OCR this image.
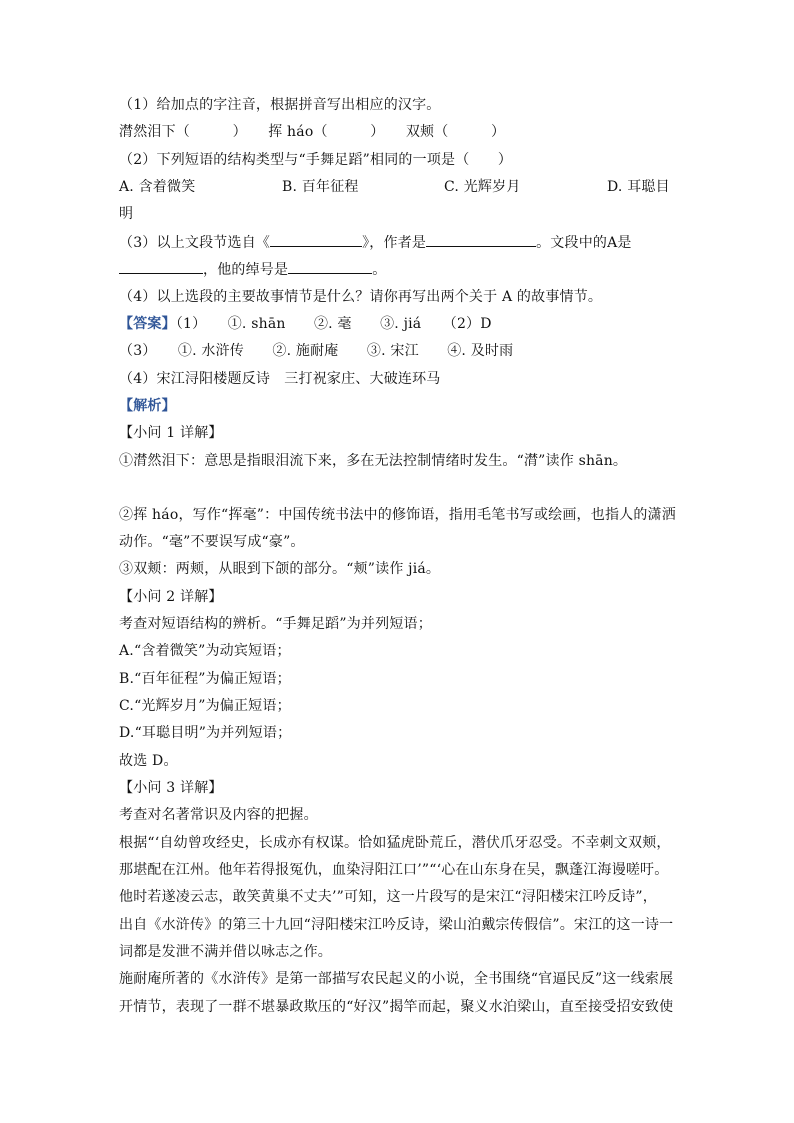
（1）给加点的字注音，根据拼音写出相应的汉字。
潸然泪下（　　　）　　挥 háo（　　　）　　双颊（　　　）
（2）下列短语的结构类型与“手舞足蹈”相同的一项是（　　）
A. 含着微笑	B. 百年征程	C. 光辉岁月	D. 耳聪目
明
（3）以上文段节选自《	》，作者是	。文段中的A是
，他的绰号是	。
（4）以上选段的主要故事情节是什么？请你再写出两个关于 A 的故事情节。
【答案】（1）　　①. shān　　②. 毫　　③. jiá　　（2）D
（3）　　①. 水浒传　　②. 施耐庵　　③. 宋江　　④. 及时雨
（4）宋江浔阳楼题反诗　三打祝家庄、大破连环马
【解析】
【小问 1 详解】
①潸然泪下：意思是指眼泪流下来，多在无法控制情绪时发生。“潸”读作 shān。
②挥 háo，写作“挥毫”：中国传统书法中的修饰语，指用毛笔书写或绘画，也指人的潇洒
动作。“毫”不要误写成“豪”。
③双颊：两颊，从眼到下颌的部分。“颊”读作 jiá。
【小问 2 详解】
考查对短语结构的辨析。“手舞足蹈”为并列短语；
A.“含着微笑”为动宾短语；
B.“百年征程”为偏正短语；
C.“光辉岁月”为偏正短语；
D.“耳聪目明”为并列短语；
故选 D。
【小问 3 详解】
考查对名著常识及内容的把握。
根据“‘自幼曾攻经史，长成亦有权谋。恰如猛虎卧荒丘，潜伏爪牙忍受。不幸刺文双颊，
那堪配在江州。他年若得报冤仇，血染浔阳江口’”“‘心在山东身在吴，飘蓬江海谩嗟吁。
他时若遂凌云志，敢笑黄巢不丈夫’”可知，这一片段写的是宋江“浔阳楼宋江吟反诗”，
出自《水浒传》的第三十九回“浔阳楼宋江吟反诗，梁山泊戴宗传假信”。宋江的这一诗一
词都是发泄不满并借以咏志之作。
施耐庵所著的《水浒传》是第一部描写农民起义的小说，全书围绕“官逼民反”这一线索展
开情节，表现了一群不堪暴政欺压的“好汉”揭竿而起，聚义水泊梁山，直至接受招安致使
